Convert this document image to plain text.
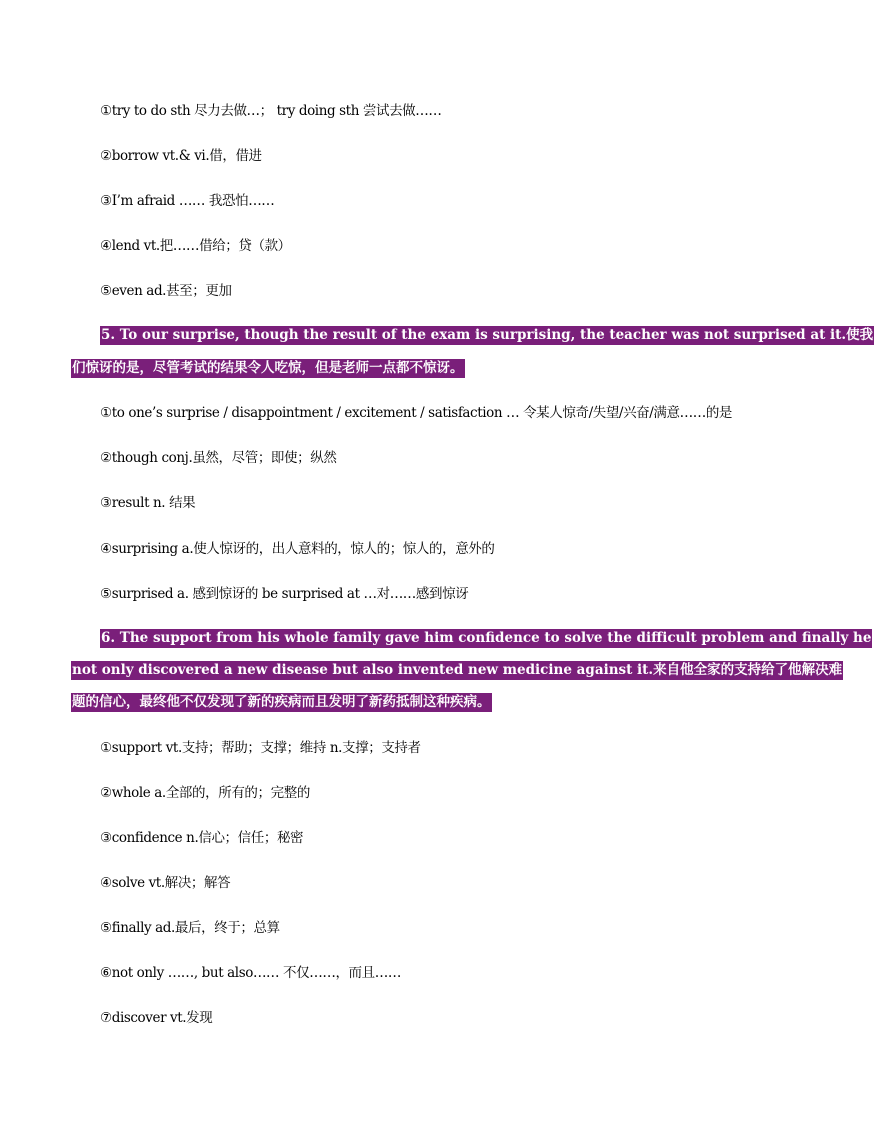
①try to do sth 尽力去做…； try doing sth 尝试去做……
②borrow vt.& vi.借，借进
③I’m afraid …… 我恐怕……
④lend vt.把……借给；贷（款）
⑤even ad.甚至；更加
5. To our surprise, though the result of the exam is surprising, the teacher was not surprised at it.使我
们惊讶的是，尽管考试的结果令人吃惊，但是老师一点都不惊讶。
①to one’s surprise / disappointment / excitement / satisfaction … 令某人惊奇/失望/兴奋/满意……的是
②though conj.虽然，尽管；即使；纵然
③result n. 结果
④surprising a.使人惊讶的，出人意料的，惊人的；惊人的，意外的
⑤surprised a. 感到惊讶的 be surprised at …对……感到惊讶
6. The support from his whole family gave him confidence to solve the difficult problem and finally he
not only discovered a new disease but also invented new medicine against it.来自他全家的支持给了他解决难
题的信心，最终他不仅发现了新的疾病而且发明了新药抵制这种疾病。
①support vt.支持；帮助；支撑；维持 n.支撑；支持者
②whole a.全部的，所有的；完整的
③confidence n.信心；信任；秘密
④solve vt.解决；解答
⑤finally ad.最后，终于；总算
⑥not only ……, but also…… 不仅……，而且……
⑦discover vt.发现
